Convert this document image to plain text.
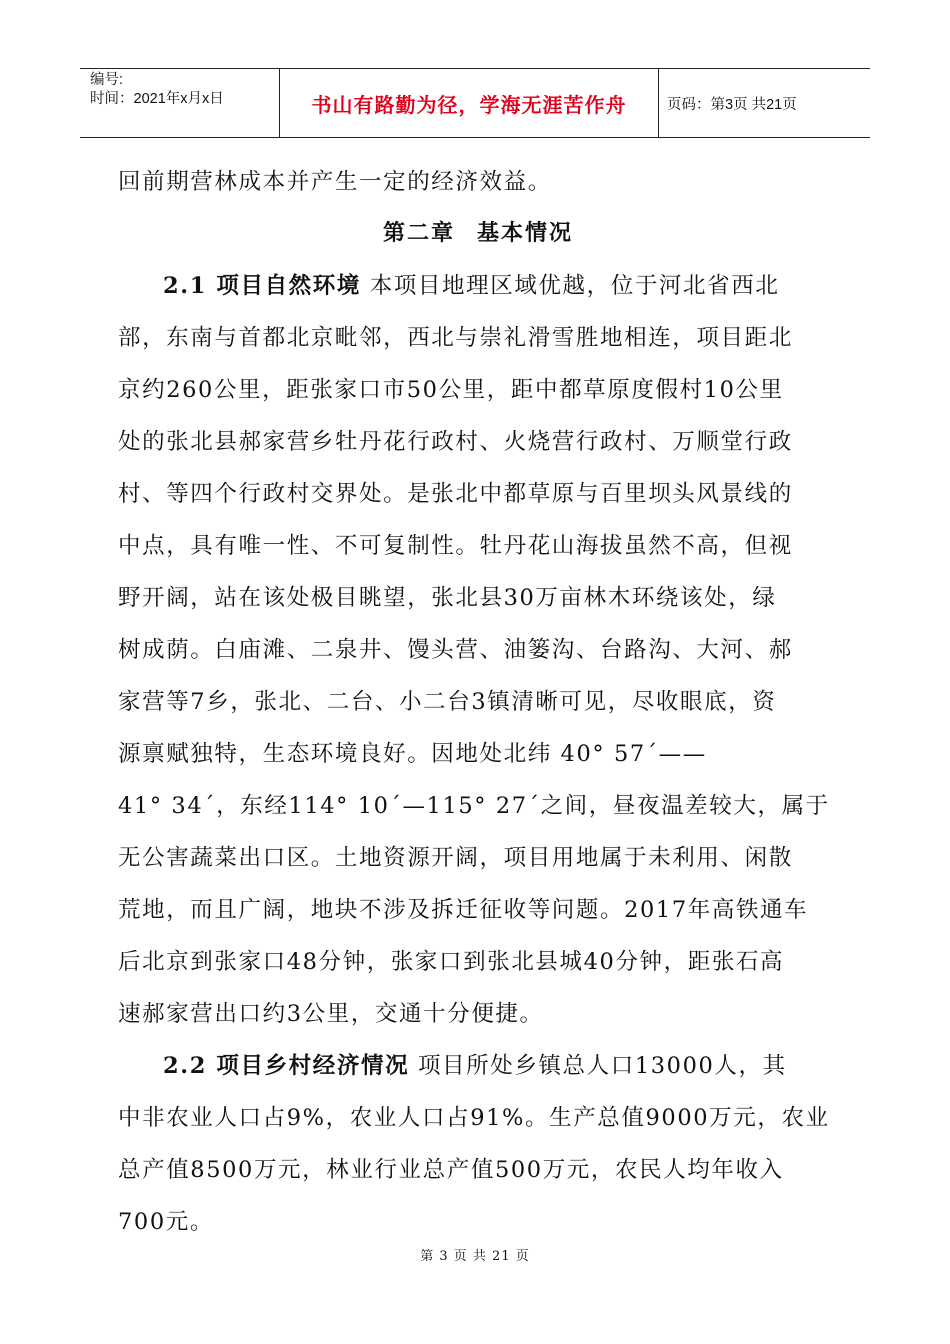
编号:
时间：2021年x月x日	书山有路勤为径，学海无涯苦作舟	页码：第3页 共21页
回前期营林成本并产生一定的经济效益。
第二章 基本情况
2.1 项目自然环境 本项目地理区域优越，位于河北省西北
部，东南与首都北京毗邻，西北与崇礼滑雪胜地相连，项目距北
京约260公里，距张家口市50公里，距中都草原度假村10公里
处的张北县郝家营乡牡丹花行政村、火烧营行政村、万顺堂行政
村、等四个行政村交界处。是张北中都草原与百里坝头风景线的
中点，具有唯一性、不可复制性。牡丹花山海拔虽然不高，但视
野开阔，站在该处极目眺望，张北县30万亩林木环绕该处，绿
树成荫。白庙滩、二泉井、馒头营、油篓沟、台路沟、大河、郝
家营等7乡，张北、二台、小二台3镇清晰可见，尽收眼底，资
源禀赋独特，生态环境良好。因地处北纬 40° 57´——
41° 34´，东经114° 10´—115° 27´之间，昼夜温差较大，属于
无公害蔬菜出口区。土地资源开阔，项目用地属于未利用、闲散
荒地，而且广阔，地块不涉及拆迁征收等问题。2017年高铁通车
后北京到张家口48分钟，张家口到张北县城40分钟，距张石高
速郝家营出口约3公里，交通十分便捷。
2.2 项目乡村经济情况 项目所处乡镇总人口13000人，其
中非农业人口占9%，农业人口占91%。生产总值9000万元，农业
总产值8500万元，林业行业总产值500万元，农民人均年收入
700元。
第 3 页 共 21 页
